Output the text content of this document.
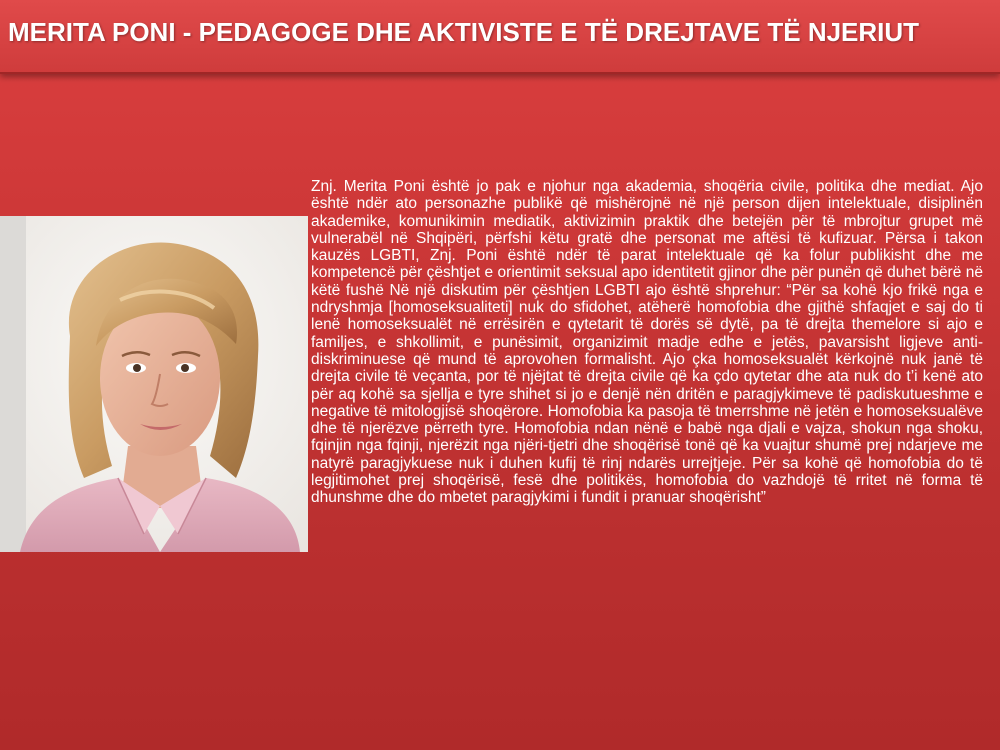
MERITA PONI - PEDAGOGE DHE AKTIVISTE E TË DREJTAVE TË NJERIUT

Znj. Merita Poni është jo pak e njohur nga akademia, shoqëria civile, politika dhe mediat. Ajo është ndër ato personazhe publikë që mishërojnë në një person dijen intelektuale, disiplinën akademike, komunikimin mediatik, aktivizimin praktik dhe betejën për të mbrojtur grupet më vulnerabël në Shqipëri, përfshi këtu gratë dhe personat me aftësi të kufizuar. Përsa i takon kauzës LGBTI, Znj. Poni është ndër të parat intelektuale që ka folur publikisht dhe me kompetencë për çështjet e orientimit seksual apo identitetit gjinor dhe për punën që duhet bërë në këtë fushë Në një diskutim për çështjen LGBTI ajo është shprehur: “Për sa kohë kjo frikë nga e ndryshmja [homoseksualiteti] nuk do sfidohet, atëherë homofobia dhe gjithë shfaqjet e saj do ti lenë homoseksualët në errësirën e qytetarit të dorës së dytë, pa të drejta themelore si ajo e familjes, e shkollimit, e punësimit, organizimit madje edhe e jetës, pavarsisht ligjeve anti-diskriminuese që mund të aprovohen formalisht. Ajo çka homoseksualët kërkojnë nuk janë të drejta civile të veçanta, por të njëjtat të drejta civile që ka çdo qytetar dhe ata nuk do t’i kenë ato për aq kohë sa sjellja e tyre shihet si jo e denjë nën dritën e paragjykimeve të padiskutueshme e negative të mitologjisë shoqërore. Homofobia ka pasoja të tmerrshme në jetën e homoseksualëve dhe të njerëzve përreth tyre. Homofobia ndan nënë e babë nga djali e vajza, shokun nga shoku, fqinjin nga fqinji, njerëzit nga njëri-tjetri dhe shoqërisë tonë që ka vuajtur shumë prej ndarjeve me natyrë paragjykuese nuk i duhen kufij të rinj ndarës urrejtjeje. Për sa kohë që homofobia do të legjitimohet prej shoqërisë, fesë dhe politikës, homofobia do vazhdojë të rritet në forma të dhunshme dhe do mbetet paragjykimi i fundit i pranuar shoqërisht”
